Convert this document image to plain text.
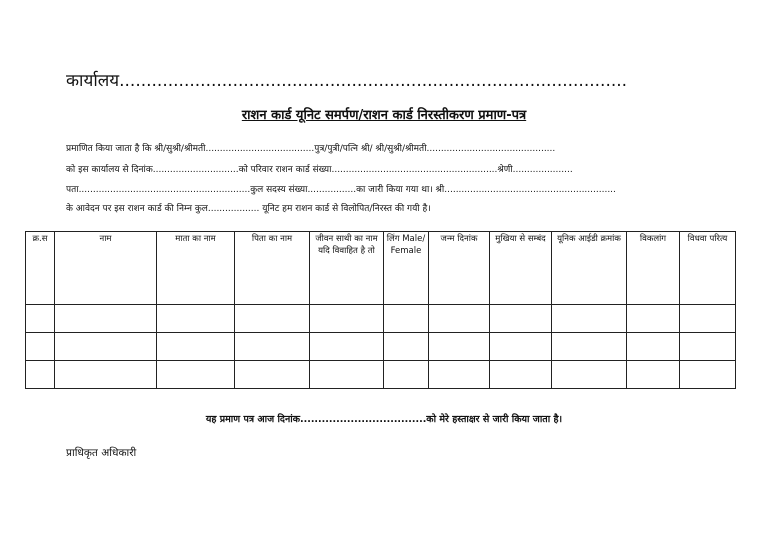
कार्यालय..............................................................................................
राशन कार्ड यूनिट समर्पण/राशन कार्ड निरस्तीकरण प्रमाण-पत्र
प्रमाणित किया जाता है कि श्री/सुश्री/श्रीमती......................................पुत्र/पुत्री/पत्नि श्री/ श्री/सुश्री/श्रीमती.............................................
को इस कार्यालय से दिनांक..............................को परिवार राशन कार्ड संख्या..........................................................श्रेणी.....................
पता............................................................कुल सदस्य संख्या.................का जारी किया गया था। श्री............................................................
के आवेदन पर इस राशन कार्ड की निम्न कुल.................. यूनिट हम राशन कार्ड से विलोपित/निरस्त की गयी है।
क्र.स	नाम	माता का नाम	पिता का नाम	जीवन साथी का नाम यदि विवाहित है तो	लिंग Male/ Female	जन्म दिनांक	मुखिया से सम्बंद	यूनिक आईडी क्रमांक	विकलांग	विधवा परित्य

यह प्रमाण पत्र आज दिनांक...................................को मेरे हस्ताक्षर से जारी किया जाता है।
प्राधिकृत अधिकारी
